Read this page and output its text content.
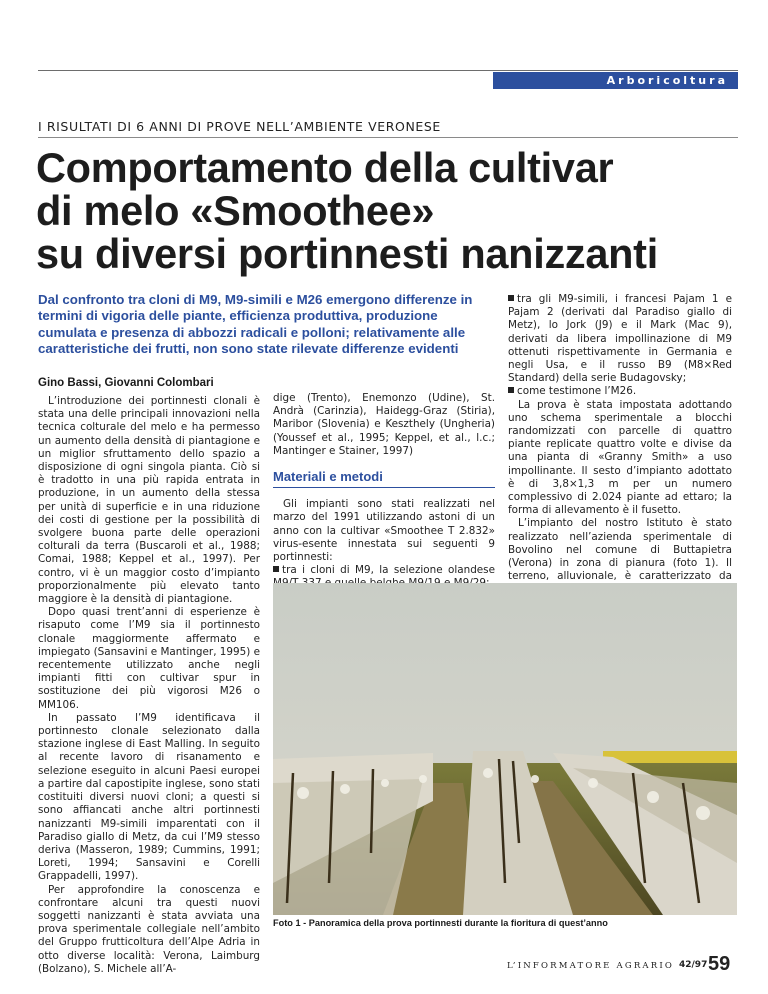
Arboricoltura
I RISULTATI DI 6 ANNI DI PROVE NELL’AMBIENTE VERONESE
Comportamento della cultivar
di melo «Smoothee»
su diversi portinnesti nanizzanti

Dal confronto tra cloni di M9, M9-simili e M26 emergono differenze in termini di vigoria delle piante, efficienza produttiva, produzione cumulata e presenza di abbozzi radicali e polloni; relativamente alle caratteristiche dei frutti, non sono state rilevate differenze evidenti

Gino Bassi, Giovanni Colombari

L’introduzione dei portinnesti clonali è stata una delle principali innovazioni nella tecnica colturale del melo e ha permesso un aumento della densità di piantagione e un miglior sfruttamento dello spazio a disposizione di ogni singola pianta. Ciò si è tradotto in una più rapida entrata in produzione, in un aumento della stessa per unità di superficie e in una riduzione dei costi di gestione per la possibilità di svolgere buona parte delle operazioni colturali da terra (Buscaroli et al., 1988; Comai, 1988; Keppel et al., 1997). Per contro, vi è un maggior costo d’impianto proporzionalmente più elevato tanto maggiore è la densità di piantagione.

Dopo quasi trent’anni di esperienze è risaputo come l’M9 sia il portinnesto clonale maggiormente affermato e impiegato (Sansavini e Mantinger, 1995) e recentemente utilizzato anche negli impianti fitti con cultivar spur in sostituzione dei più vigorosi M26 o MM106.

In passato l’M9 identificava il portinnesto clonale selezionato dalla stazione inglese di East Malling. In seguito al recente lavoro di risanamento e selezione eseguito in alcuni Paesi europei a partire dal capostipite inglese, sono stati costituiti diversi nuovi cloni; a questi si sono affiancati anche altri portinnesti nanizzanti M9-simili imparentati con il Paradiso giallo di Metz, da cui l’M9 stesso deriva (Masseron, 1989; Cummins, 1991; Loreti, 1994; Sansavini e Corelli Grappadelli, 1997).

Per approfondire la conoscenza e confrontare alcuni tra questi nuovi soggetti nanizzanti è stata avviata una prova sperimentale collegiale nell’ambito del Gruppo frutticoltura dell’Alpe Adria in otto diverse località: Verona, Laimburg (Bolzano), S. Michele all’A-

dige (Trento), Enemonzo (Udine), St. Andrà (Carinzia), Haidegg-Graz (Stiria), Maribor (Slovenia) e Keszthely (Ungheria) (Youssef et al., 1995; Keppel, et al., l.c.; Mantinger e Stainer, 1997)

Materiali e metodi

Gli impianti sono stati realizzati nel marzo del 1991 utilizzando astoni di un anno con la cultivar «Smoothee T 2.832» virus-esente innestata sui seguenti 9 portinnesti:

tra i cloni di M9, la selezione olandese

tra gli M9-simili, i francesi Pajam 1 e Pajam 2 (derivati dal Paradiso giallo di Metz), lo Jork (J9) e il Mark (Mac 9), derivati da libera impollinazione di M9 ottenuti rispettivamente in Germania e negli Usa, e il russo B9 (M8×Red Standard) della serie Budagovsky;

come testimone l’M26.

La prova è stata impostata adottando uno schema sperimentale a blocchi randomizzati con parcelle di quattro piante replicate quattro volte e divise da una pianta di «Granny Smith» a uso impollinante. Il sesto d’impianto adottato è di 3,8×1,3 m per un numero complessivo di 2.024 piante ad ettaro; la forma di allevamento è il fusetto.

L’impianto del nostro Istituto è stato realizzato nell’azienda sperimentale di Bovolino nel comune di Buttapietra (Verona) in zona di pianura (foto 1). Il terreno, alluvionale, è caratterizzato da

Foto 1 - Panoramica della prova portinnesti durante la fioritura di quest’anno
L’INFORMATORE AGRARIO 42/97 59
